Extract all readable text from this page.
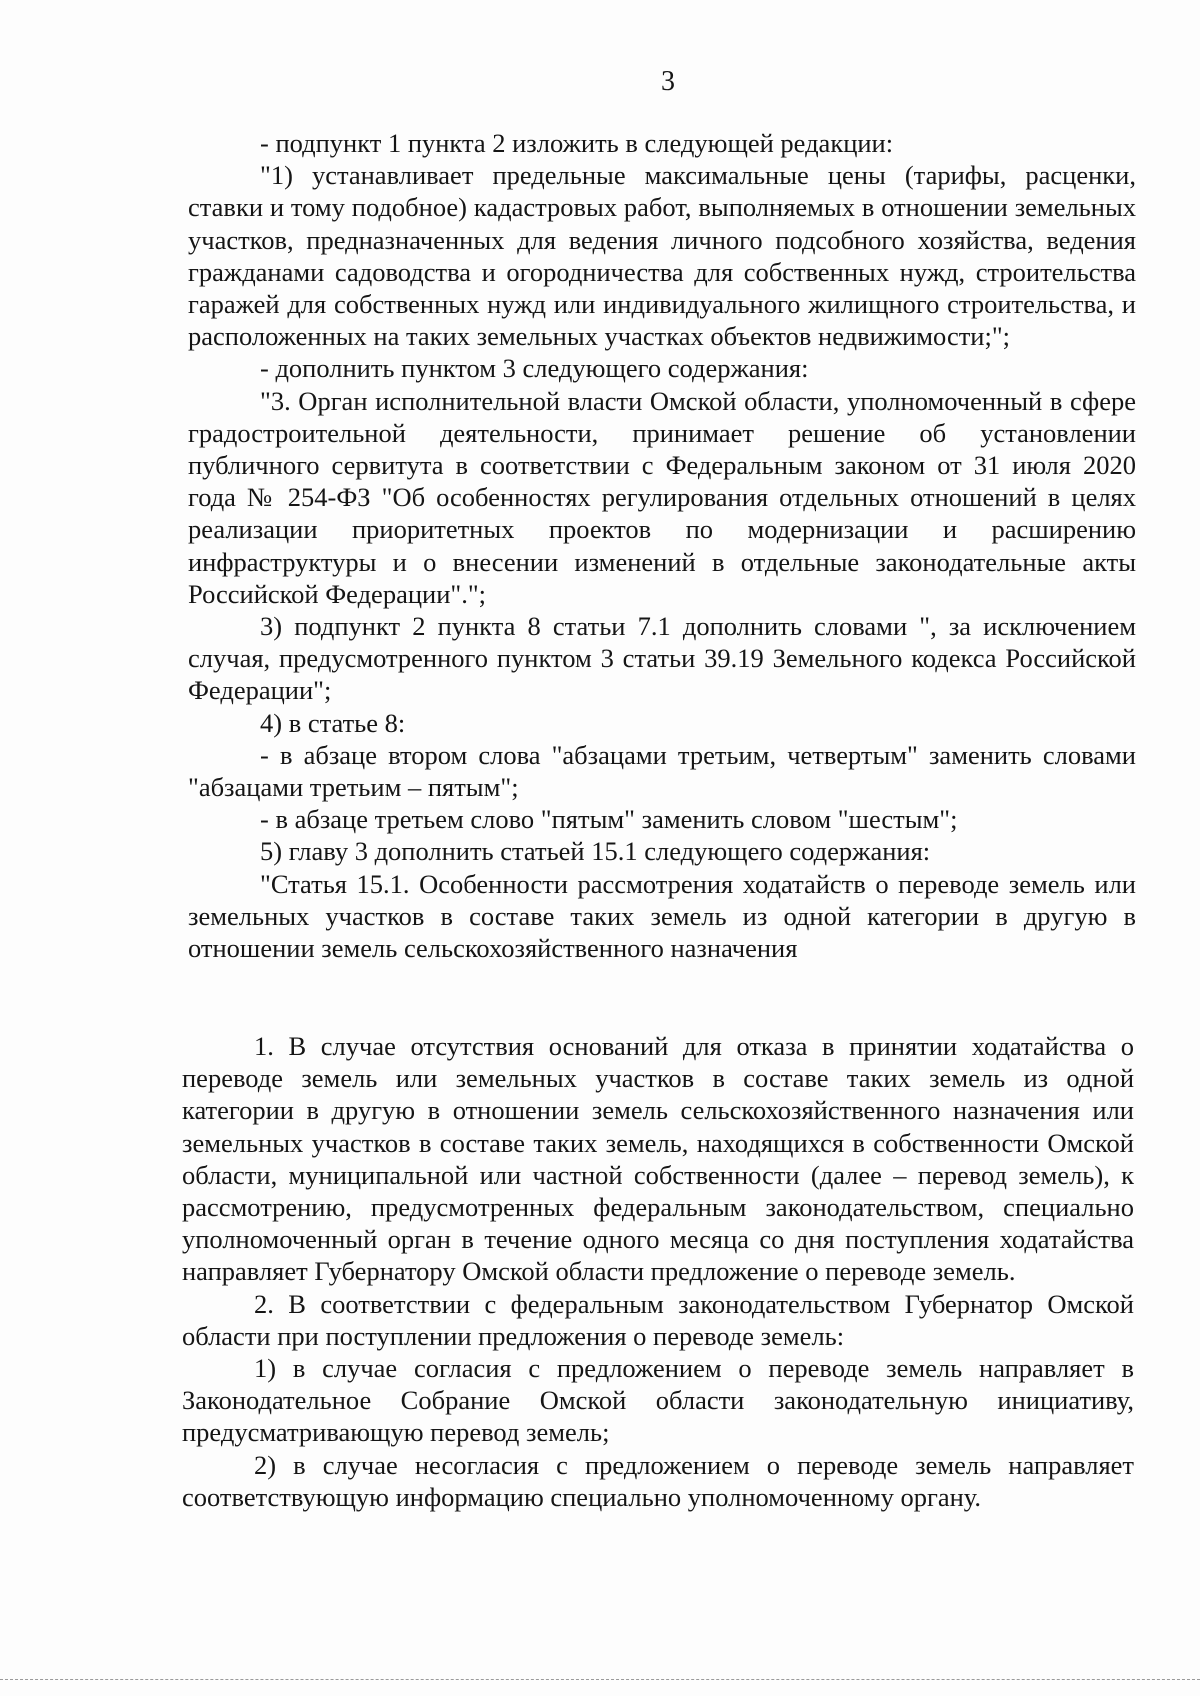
3

- подпункт 1 пункта 2 изложить в следующей редакции:

"1) устанавливает предельные максимальные цены (тарифы, расценки, ставки и тому подобное) кадастровых работ, выполняемых в отношении земельных участков, предназначенных для ведения личного подсобного хозяйства, ведения гражданами садоводства и огородничества для собственных нужд, строительства гаражей для собственных нужд или индивидуального жилищного строительства, и расположенных на таких земельных участках объектов недвижимости;";

- дополнить пунктом 3 следующего содержания:

"3. Орган исполнительной власти Омской области, уполномоченный в сфере градостроительной деятельности, принимает решение об установлении публичного сервитута в соответствии с Федеральным законом от 31 июля 2020 года № 254-ФЗ "Об особенностях регулирования отдельных отношений в целях реализации приоритетных проектов по модернизации и расширению инфраструктуры и о внесении изменений в отдельные законодательные акты Российской Федерации".";

3) подпункт 2 пункта 8 статьи 7.1 дополнить словами ", за исключением случая, предусмотренного пунктом 3 статьи 39.19 Земельного кодекса Российской Федерации";

4) в статье 8:

- в абзаце втором слова "абзацами третьим, четвертым" заменить словами "абзацами третьим – пятым";

- в абзаце третьем слово "пятым" заменить словом "шестым";

5) главу 3 дополнить статьей 15.1 следующего содержания:

"Статья 15.1. Особенности рассмотрения ходатайств о переводе земель или земельных участков в составе таких земель из одной категории в другую в отношении земель сельскохозяйственного назначения

1. В случае отсутствия оснований для отказа в принятии ходатайства о переводе земель или земельных участков в составе таких земель из одной категории в другую в отношении земель сельскохозяйственного назначения или земельных участков в составе таких земель, находящихся в собственности Омской области, муниципальной или частной собственности (далее – перевод земель), к рассмотрению, предусмотренных федеральным законодательством, специально уполномоченный орган в течение одного месяца со дня поступления ходатайства направляет Губернатору Омской области предложение о переводе земель.

2. В соответствии с федеральным законодательством Губернатор Омской области при поступлении предложения о переводе земель:

1) в случае согласия с предложением о переводе земель направляет в Законодательное Собрание Омской области законодательную инициативу, предусматривающую перевод земель;

2) в случае несогласия с предложением о переводе земель направляет соответствующую информацию специально уполномоченному органу.
